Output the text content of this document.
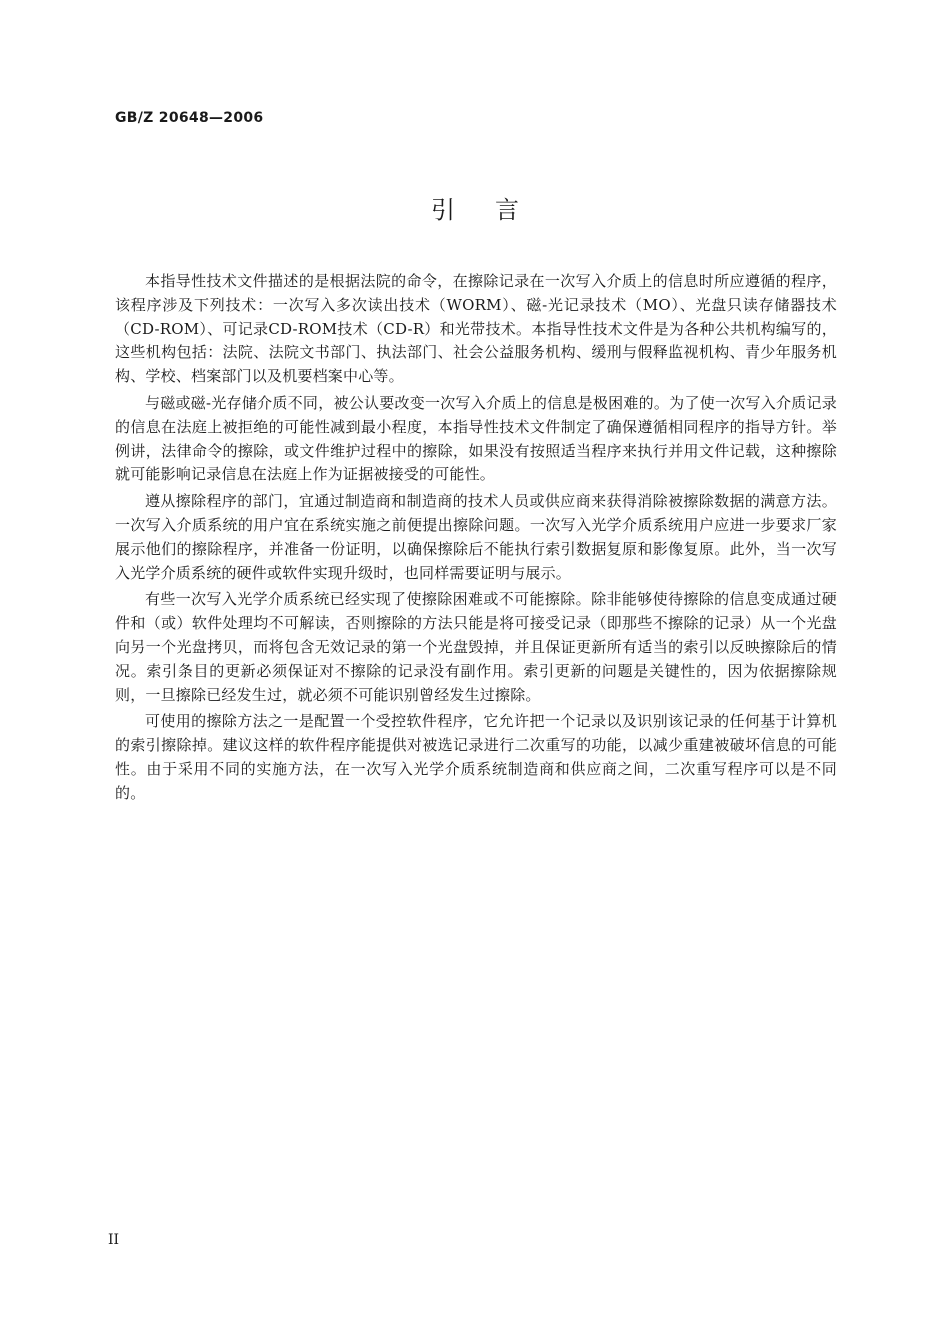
GB/Z 20648—2006
引言

本指导性技术文件描述的是根据法院的命令，在擦除记录在一次写入介质上的信息时所应遵循的程序，该程序涉及下列技术：一次写入多次读出技术（WORM）、磁-光记录技术（MO）、光盘只读存储器技术（CD-ROM）、可记录CD-ROM技术（CD-R）和光带技术。本指导性技术文件是为各种公共机构编写的，这些机构包括：法院、法院文书部门、执法部门、社会公益服务机构、缓刑与假释监视机构、青少年服务机构、学校、档案部门以及机要档案中心等。

与磁或磁-光存储介质不同，被公认要改变一次写入介质上的信息是极困难的。为了使一次写入介质记录的信息在法庭上被拒绝的可能性减到最小程度，本指导性技术文件制定了确保遵循相同程序的指导方针。举例讲，法律命令的擦除，或文件维护过程中的擦除，如果没有按照适当程序来执行并用文件记载，这种擦除就可能影响记录信息在法庭上作为证据被接受的可能性。

遵从擦除程序的部门，宜通过制造商和制造商的技术人员或供应商来获得消除被擦除数据的满意方法。一次写入介质系统的用户宜在系统实施之前便提出擦除问题。一次写入光学介质系统用户应进一步要求厂家展示他们的擦除程序，并准备一份证明，以确保擦除后不能执行索引数据复原和影像复原。此外，当一次写入光学介质系统的硬件或软件实现升级时，也同样需要证明与展示。

有些一次写入光学介质系统已经实现了使擦除困难或不可能擦除。除非能够使待擦除的信息变成通过硬件和（或）软件处理均不可解读，否则擦除的方法只能是将可接受记录（即那些不擦除的记录）从一个光盘向另一个光盘拷贝，而将包含无效记录的第一个光盘毁掉，并且保证更新所有适当的索引以反映擦除后的情况。索引条目的更新必须保证对不擦除的记录没有副作用。索引更新的问题是关键性的，因为依据擦除规则，一旦擦除已经发生过，就必须不可能识别曾经发生过擦除。

可使用的擦除方法之一是配置一个受控软件程序，它允许把一个记录以及识别该记录的任何基于计算机的索引擦除掉。建议这样的软件程序能提供对被选记录进行二次重写的功能，以减少重建被破坏信息的可能性。由于采用不同的实施方法，在一次写入光学介质系统制造商和供应商之间，二次重写程序可以是不同的。

II
